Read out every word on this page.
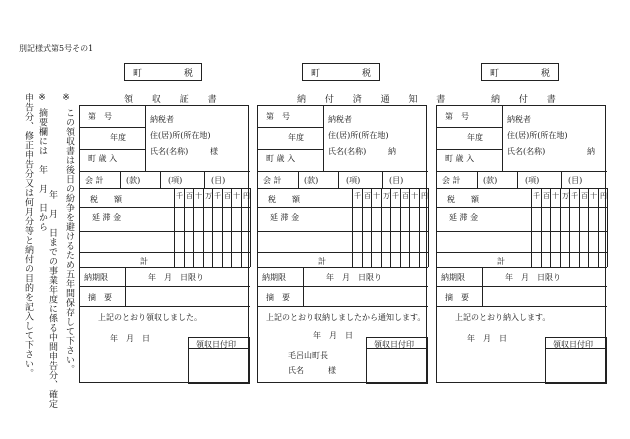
別記様式第5号その1
※
この領収書は後日の紛争を避けるため五年間保存して下さい。
※
摘要欄には　年　月　日から
年　月　日までの事業年度に係る中間申告分、確定
申告分、修正申告分又は何月分等と納付の目的を記入して下さい。
町	税
領 収 証 書
領収日付印
第　号
年度
町 歳 入
納税者
住(居)所(所在地)
氏名(名称)	様
会 計	(款)	(項)	(目)
千 百 十 万 千 百 十 円
税　　額
延 滞 金
計
納期限	年　月　日限り
摘　要
上記のとおり領収しました。
年　月　日
町	税
納 付 済 通 知 書
領収日付印
第　号
年度
町 歳 入
納税者
住(居)所(所在地)
氏名(名称)	納
会 計	(款)	(項)	(目)
千 百 十 万 千 百 十 円
税　　額
延 滞 金
計
納期限	年　月　日限り
摘　要
上記のとおり収納しましたから通知します。
年　月　日
毛呂山町長
氏名　　　様
町	税
納 付 書
領収日付印
第　号
年度
町 歳 入
納税者
住(居)所(所在地)
氏名(名称)	納
会 計	(款)	(項)	(目)
千 百 十 万 千 百 十 円
税　　額
延 滞 金
計
納期限	年　月　日限り
摘　要
上記のとおり納入します。
年　月　日
